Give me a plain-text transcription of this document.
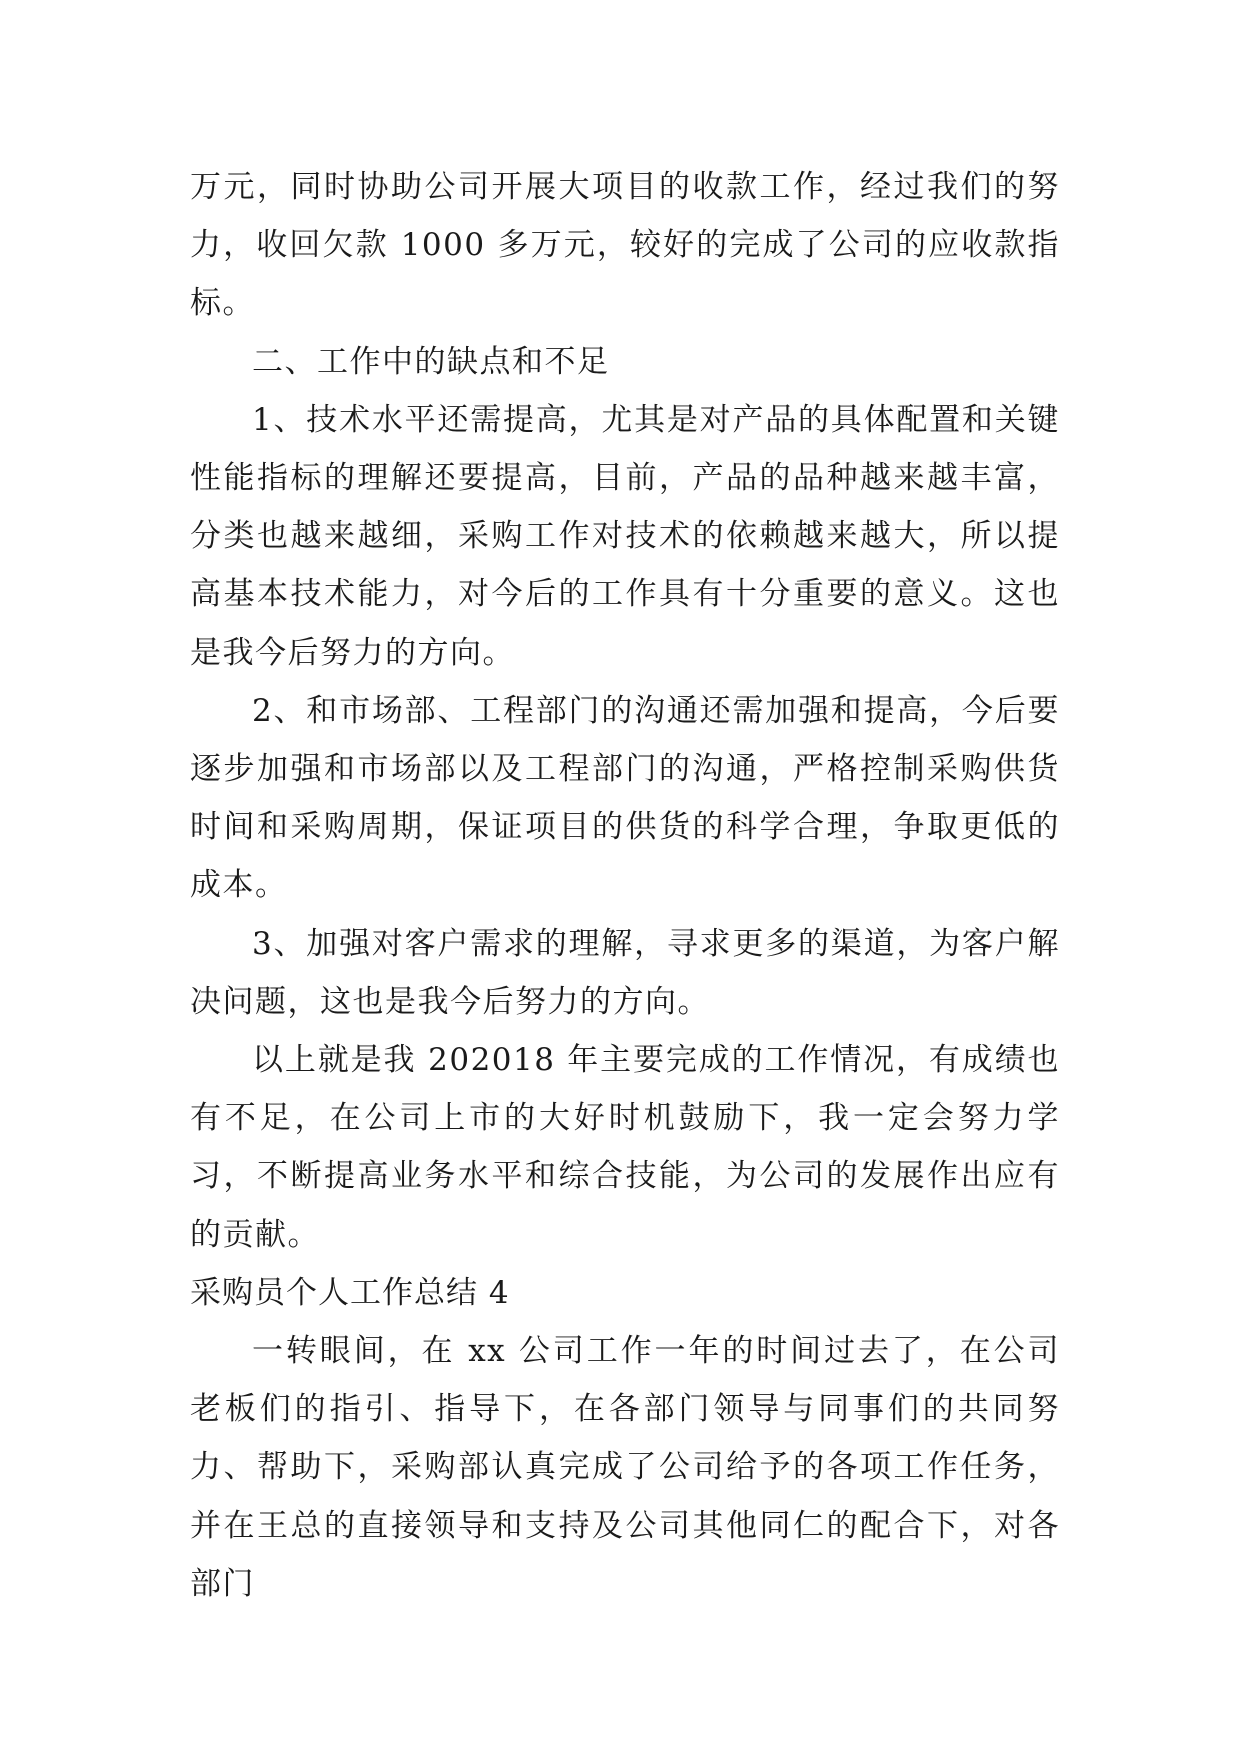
万元，同时协助公司开展大项目的收款工作，经过我们的努力，收回欠款 1000 多万元，较好的完成了公司的应收款指标。

二、工作中的缺点和不足

1、技术水平还需提高，尤其是对产品的具体配置和关键性能指标的理解还要提高，目前，产品的品种越来越丰富，分类也越来越细，采购工作对技术的依赖越来越大，所以提高基本技术能力，对今后的工作具有十分重要的意义。这也是我今后努力的方向。

2、和市场部、工程部门的沟通还需加强和提高，今后要逐步加强和市场部以及工程部门的沟通，严格控制采购供货时间和采购周期，保证项目的供货的科学合理，争取更低的成本。

3、加强对客户需求的理解，寻求更多的渠道，为客户解决问题，这也是我今后努力的方向。

以上就是我 202018 年主要完成的工作情况，有成绩也有不足，在公司上市的大好时机鼓励下，我一定会努力学习，不断提高业务水平和综合技能，为公司的发展作出应有的贡献。

采购员个人工作总结 4

一转眼间，在 xx 公司工作一年的时间过去了，在公司老板们的指引、指导下，在各部门领导与同事们的共同努力、帮助下，采购部认真完成了公司给予的各项工作任务，并在王总的直接领导和支持及公司其他同仁的配合下，对各部门
